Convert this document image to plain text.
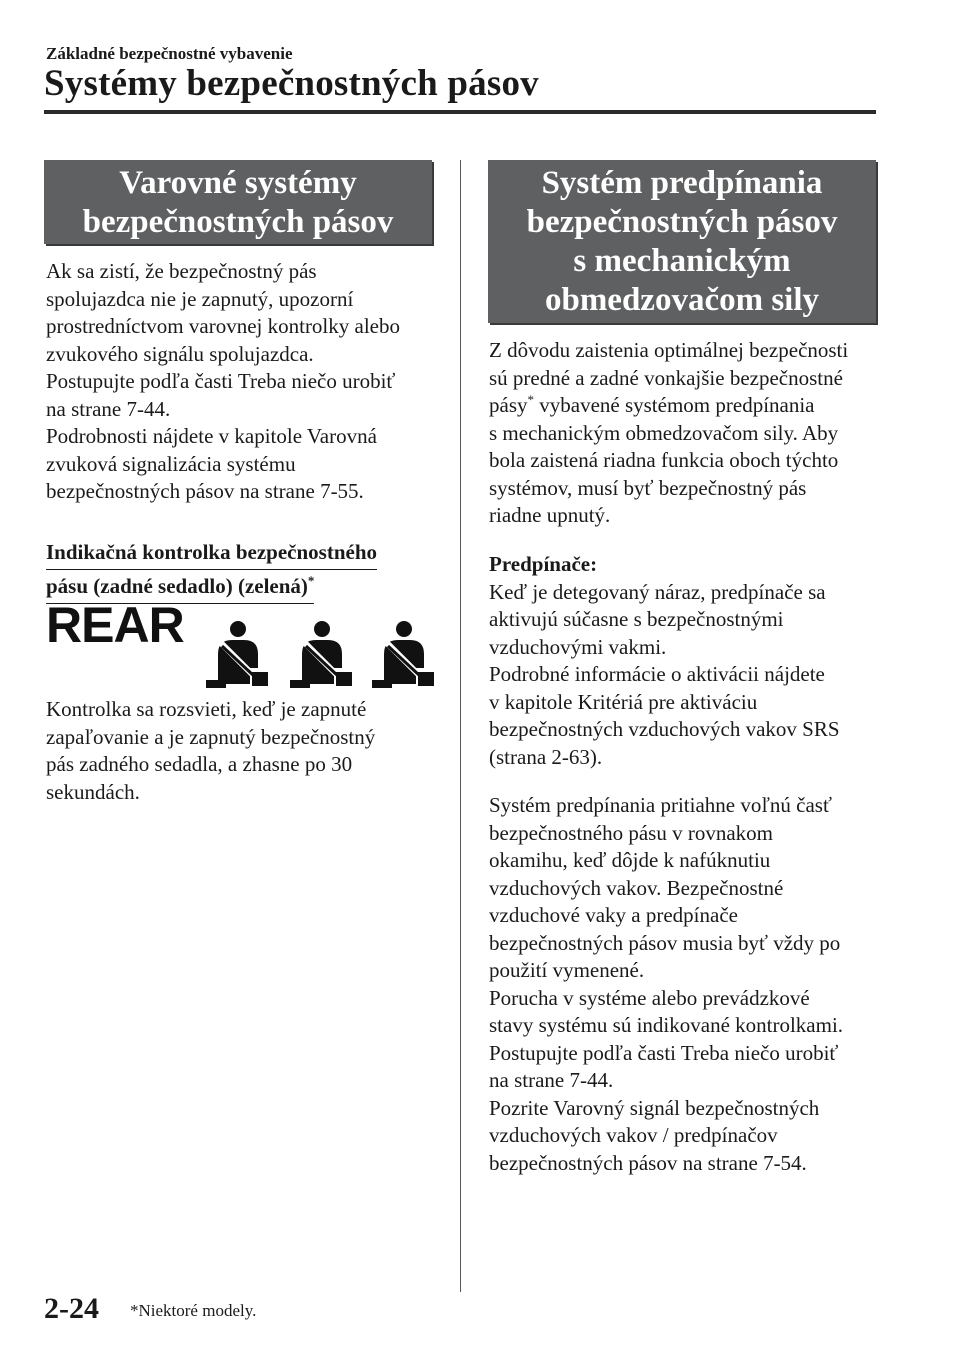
Základné bezpečnostné vybavenie
Systémy bezpečnostných pásov
Varovné systémy
bezpečnostných pásov

Ak sa zistí, že bezpečnostný pás

spolujazdca nie je zapnutý, upozorní

prostredníctvom varovnej kontrolky alebo

zvukového signálu spolujazdca.

Postupujte podľa časti Treba niečo urobiť

na strane 7-44.

Podrobnosti nájdete v kapitole Varovná

zvuková signalizácia systému

bezpečnostných pásov na strane 7-55.

Indikačná kontrolka bezpečnostného
pásu (zadné sedadlo) (zelená)*
REAR

Kontrolka sa rozsvieti, keď je zapnuté

zapaľovanie a je zapnutý bezpečnostný

pás zadného sedadla, a zhasne po 30

sekundách.

Systém predpínania
bezpečnostných pásov
s mechanickým
obmedzovačom sily

Z dôvodu zaistenia optimálnej bezpečnosti

sú predné a zadné vonkajšie bezpečnostné

pásy* vybavené systémom predpínania

s mechanickým obmedzovačom sily. Aby

bola zaistená riadna funkcia oboch týchto

systémov, musí byť bezpečnostný pás

riadne upnutý.

Predpínače:

Keď je detegovaný náraz, predpínače sa

aktivujú súčasne s bezpečnostnými

vzduchovými vakmi.

Podrobné informácie o aktivácii nájdete

v kapitole Kritériá pre aktiváciu

bezpečnostných vzduchových vakov SRS

(strana 2-63).

Systém predpínania pritiahne voľnú časť

bezpečnostného pásu v rovnakom

okamihu, keď dôjde k nafúknutiu

vzduchových vakov. Bezpečnostné

vzduchové vaky a predpínače

bezpečnostných pásov musia byť vždy po

použití vymenené.

Porucha v systéme alebo prevádzkové

stavy systému sú indikované kontrolkami.

Postupujte podľa časti Treba niečo urobiť

na strane 7-44.

Pozrite Varovný signál bezpečnostných

vzduchových vakov / predpínačov

bezpečnostných pásov na strane 7-54.

2-24 *Niektoré modely.
